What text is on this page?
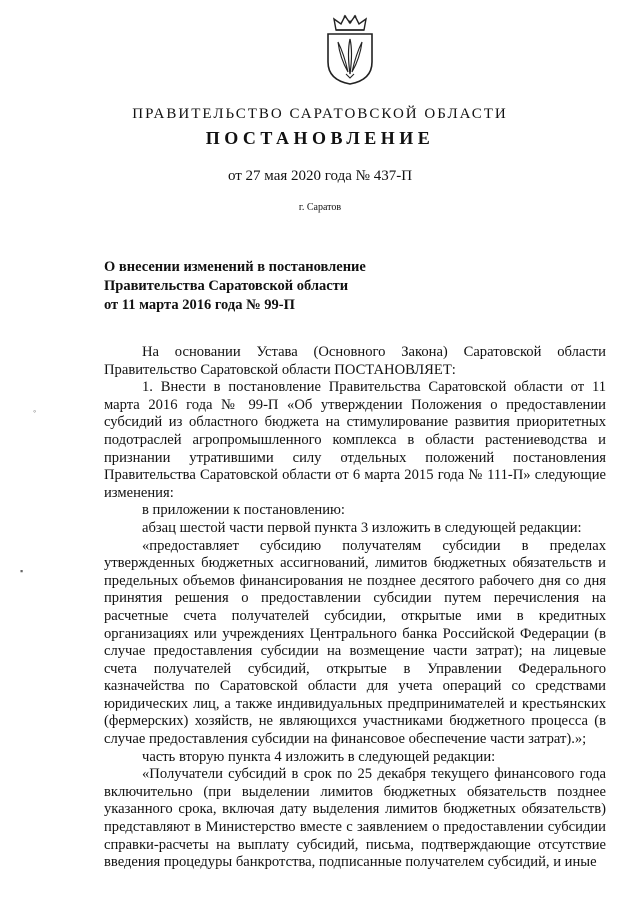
ПРАВИТЕЛЬСТВО САРАТОВСКОЙ ОБЛАСТИ
ПОСТАНОВЛЕНИЕ
от 27 мая 2020 года № 437-П
г. Саратов
О внесении изменений в постановление
Правительства Саратовской области
от 11 марта 2016 года № 99-П

На основании Устава (Основного Закона) Саратовской области Правительство Саратовской области ПОСТАНОВЛЯЕТ:

1. Внести в постановление Правительства Саратовской области от 11 марта 2016 года № 99-П «Об утверждении Положения о предоставлении субсидий из областного бюджета на стимулирование развития приоритетных подотраслей агропромышленного комплекса в области растениеводства и признании утратившими силу отдельных положений постановления Правительства Саратовской области от 6 марта 2015 года № 111-П» следующие изменения:

в приложении к постановлению:

абзац шестой части первой пункта 3 изложить в следующей редакции:

«предоставляет субсидию получателям субсидии в пределах утвержденных бюджетных ассигнований, лимитов бюджетных обязательств и предельных объемов финансирования не позднее десятого рабочего дня со дня принятия решения о предоставлении субсидии путем перечисления на расчетные счета получателей субсидии, открытые ими в кредитных организациях или учреждениях Центрального банка Российской Федерации (в случае предоставления субсидии на возмещение части затрат); на лицевые счета получателей субсидий, открытые в Управлении Федерального казначейства по Саратовской области для учета операций со средствами юридических лиц, а также индивидуальных предпринимателей и крестьянских (фермерских) хозяйств, не являющихся участниками бюджетного процесса (в случае предоставления субсидии на финансовое обеспечение части затрат).»;

часть вторую пункта 4 изложить в следующей редакции:

«Получатели субсидий в срок по 25 декабря текущего финансового года включительно (при выделении лимитов бюджетных обязательств позднее указанного срока, включая дату выделения лимитов бюджетных обязательств) представляют в Министерство вместе с заявлением о предоставлении субсидии справки-расчеты на выплату субсидий, письма, подтверждающие отсутствие введения процедуры банкротства, подписанные получателем субсидий, и иные

◦
▪
